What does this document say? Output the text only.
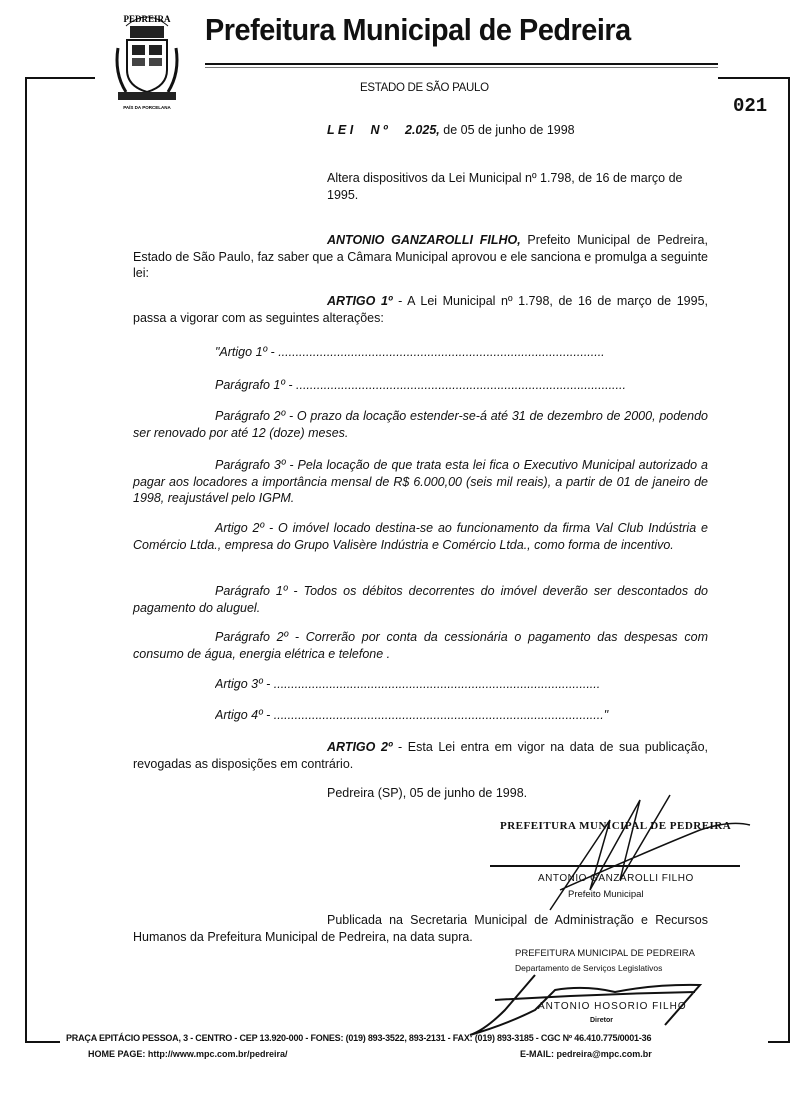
PEDREIRA
PAÍS DA PORCELANA
Prefeitura Municipal de Pedreira
ESTADO DE SÃO PAULO
021
L E I N º 2.025, de 05 de junho de 1998
Altera dispositivos da Lei Municipal nº 1.798, de 16 de março de 1995.
ANTONIO GANZAROLLI FILHO, Prefeito Municipal de Pedreira, Estado de São Paulo, faz saber que a Câmara Municipal aprovou e ele sanciona e promulga a seguinte lei:
ARTIGO 1º - A Lei Municipal nº 1.798, de 16 de março de 1995, passa a vigorar com as seguintes alterações:
"Artigo 1º - ..............................................................................................
Parágrafo 1º - ...............................................................................................
Parágrafo 2º - O prazo da locação estender-se-á até 31 de dezembro de 2000, podendo ser renovado por até 12 (doze) meses.
Parágrafo 3º - Pela locação de que trata esta lei fica o Executivo Municipal autorizado a pagar aos locadores a importância mensal de R$ 6.000,00 (seis mil reais), a partir de 01 de janeiro de 1998, reajustável pelo IGPM.
Artigo 2º - O imóvel locado destina-se ao funcionamento da firma Val Club Indústria e Comércio Ltda., empresa do Grupo Valisère Indústria e Comércio Ltda., como forma de incentivo.
Parágrafo 1º - Todos os débitos decorrentes do imóvel deverão ser descontados do pagamento do aluguel.
Parágrafo 2º - Correrão por conta da cessionária o pagamento das despesas com consumo de água, energia elétrica e telefone .
Artigo 3º - ..............................................................................................
Artigo 4º - ..............................................................................................."
ARTIGO 2º - Esta Lei entra em vigor na data de sua publicação, revogadas as disposições em contrário.
Pedreira (SP), 05 de junho de 1998.
PREFEITURA MUNICIPAL DE PEDREIRA
ANTONIO GANZAROLLI FILHO
Prefeito Municipal
Publicada na Secretaria Municipal de Administração e Recursos Humanos da Prefeitura Municipal de Pedreira, na data supra.
PREFEITURA MUNICIPAL DE PEDREIRA
Departamento de Serviços Legislativos
ANTONIO HOSORIO FILHO
Diretor
PRAÇA EPITÁCIO PESSOA, 3 - CENTRO - CEP 13.920-000 - FONES: (019) 893-3522, 893-2131 - FAX: (019) 893-3185 - CGC Nº 46.410.775/0001-36
HOME PAGE: http://www.mpc.com.br/pedreira/	E-MAIL: pedreira@mpc.com.br
